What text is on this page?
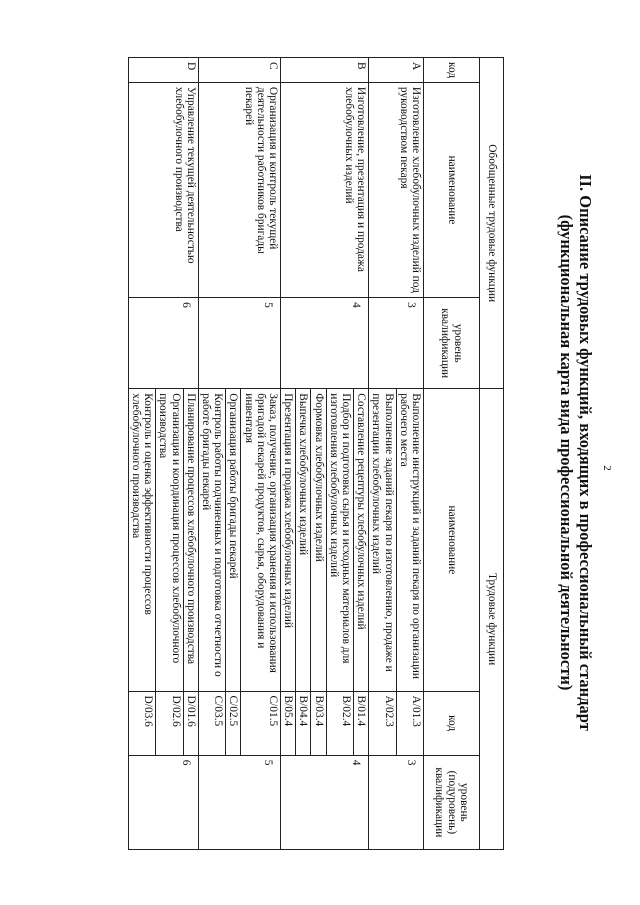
II. Описание трудовых функций, входящих в профессиональный стандарт
(функциональная карта вида профессиональной деятельности)
Обобщенные трудовые функции			Трудовые функции		
код	наименование	уровень квалификации	наименование	код	уровень (подуровень) квалификации
A	Изготовление хлебобулочных изделий под руководством пекаря	3	Выполнение инструкций и заданий пекаря по организации рабочего места	A/01.3	3
			Выполнение заданий пекаря по изготовлению, продаже и презентации хлебобулочных изделий	A/02.3	
B	Изготовление, презентация и продажа хлебобулочных изделий	4	Составление рецептуры хлебобулочных изделий	B/01.4	4
			Подбор и подготовка сырья и исходных материалов для изготовления хлебобулочных изделий	B/02.4	
			Формовка хлебобулочных изделий	B/03.4	
			Выпечка хлебобулочных изделий	B/04.4	
			Презентация и продажа хлебобулочных изделий	B/05.4	
C	Организация и контроль текущей деятельности работников бригады пекарей	5	Заказ, получение, организация хранения и использования бригадой пекарей продуктов, сырья, оборудования и инвентаря	C/01.5	5
			Организация работы бригады пекарей	C/02.5	
			Контроль работы подчиненных и подготовка отчетности о работе бригады пекарей	C/03.5	
D	Управление текущей деятельностью хлебобулочного производства	6	Планирование процессов хлебобулочного производства	D/01.6	6
			Организация и координация процессов хлебобулочного производства	D/02.6	
			Контроль и оценка эффективности процессов хлебобулочного производства	D/03.6	
2
